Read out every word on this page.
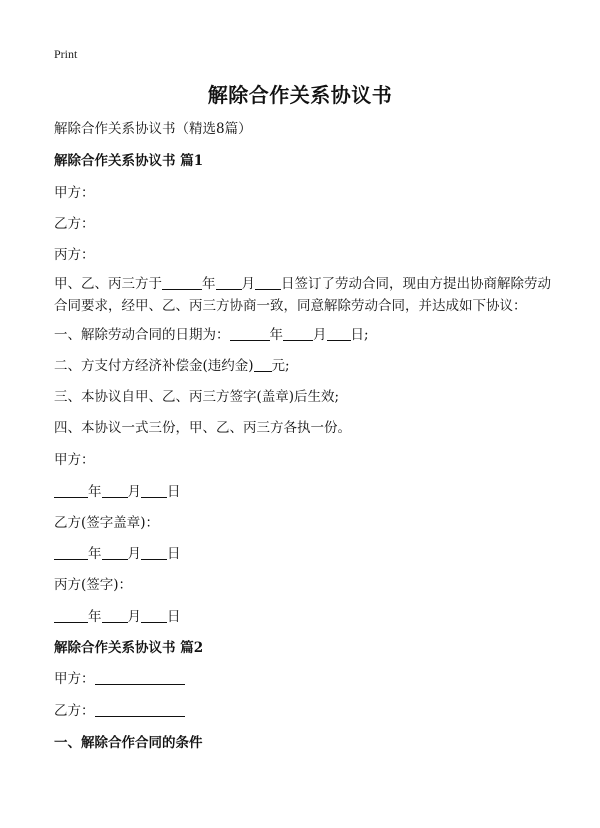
Print
解除合作关系协议书
解除合作关系协议书（精选8篇）
解除合作关系协议书 篇1
甲方：
乙方：
丙方：
甲、乙、丙三方于	年 月 日签订了劳动合同，现由方提出协商解除劳动合同要求，经甲、乙、丙三方协商一致，同意解除劳动合同，并达成如下协议：
一、解除劳动合同的日期为：	年 月 日;
二、方支付方经济补偿金(违约金) 元;
三、本协议自甲、乙、丙三方签字(盖章)后生效;
四、本协议一式三份，甲、乙、丙三方各执一份。
甲方：
年 月 日
乙方(签字盖章)：
年 月 日
丙方(签字)：
年 月 日
解除合作关系协议书 篇2
甲方：
乙方：
一、解除合作合同的条件
